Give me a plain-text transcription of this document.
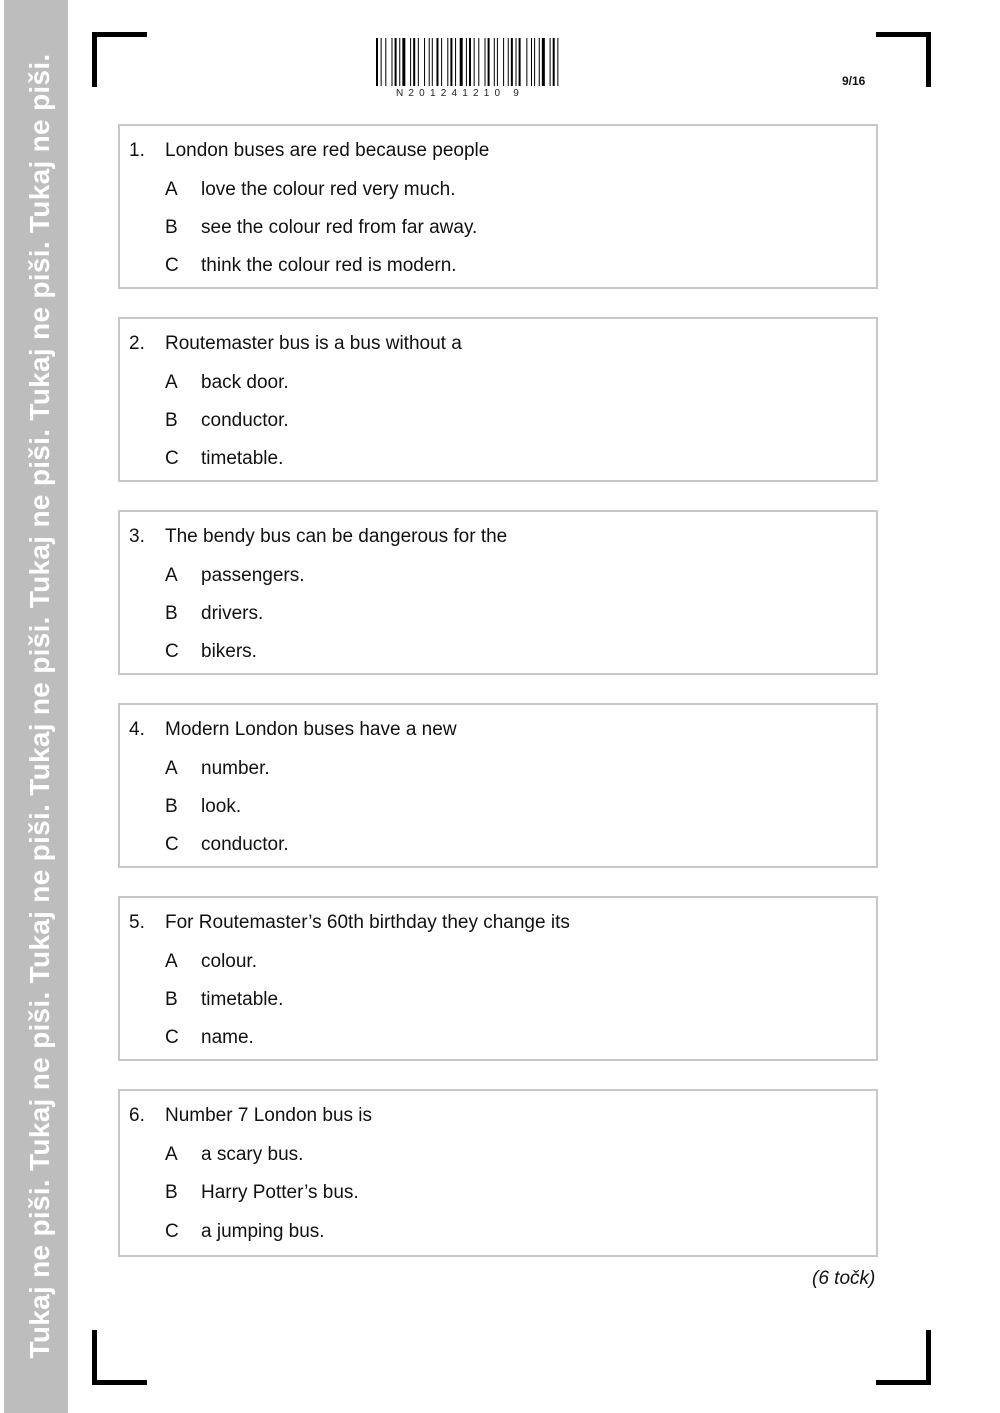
Tukaj ne piši. Tukaj ne piši. Tukaj ne piši. Tukaj ne piši. Tukaj ne piši. Tukaj ne piši. Tukaj ne piši.	N201241210 9
9/16
1. London buses are red because people
A love the colour red very much.
B see the colour red from far away.
C think the colour red is modern.
2. Routemaster bus is a bus without a
A back door.
B conductor.
C timetable.
3. The bendy bus can be dangerous for the
A passengers.
B drivers.
C bikers.
4. Modern London buses have a new
A number.
B look.
C conductor.
5. For Routemaster’s 60th birthday they change its
A colour.
B timetable.
C name.
6. Number 7 London bus is
A a scary bus.
B Harry Potter’s bus.
C a jumping bus.
(6 točk)
